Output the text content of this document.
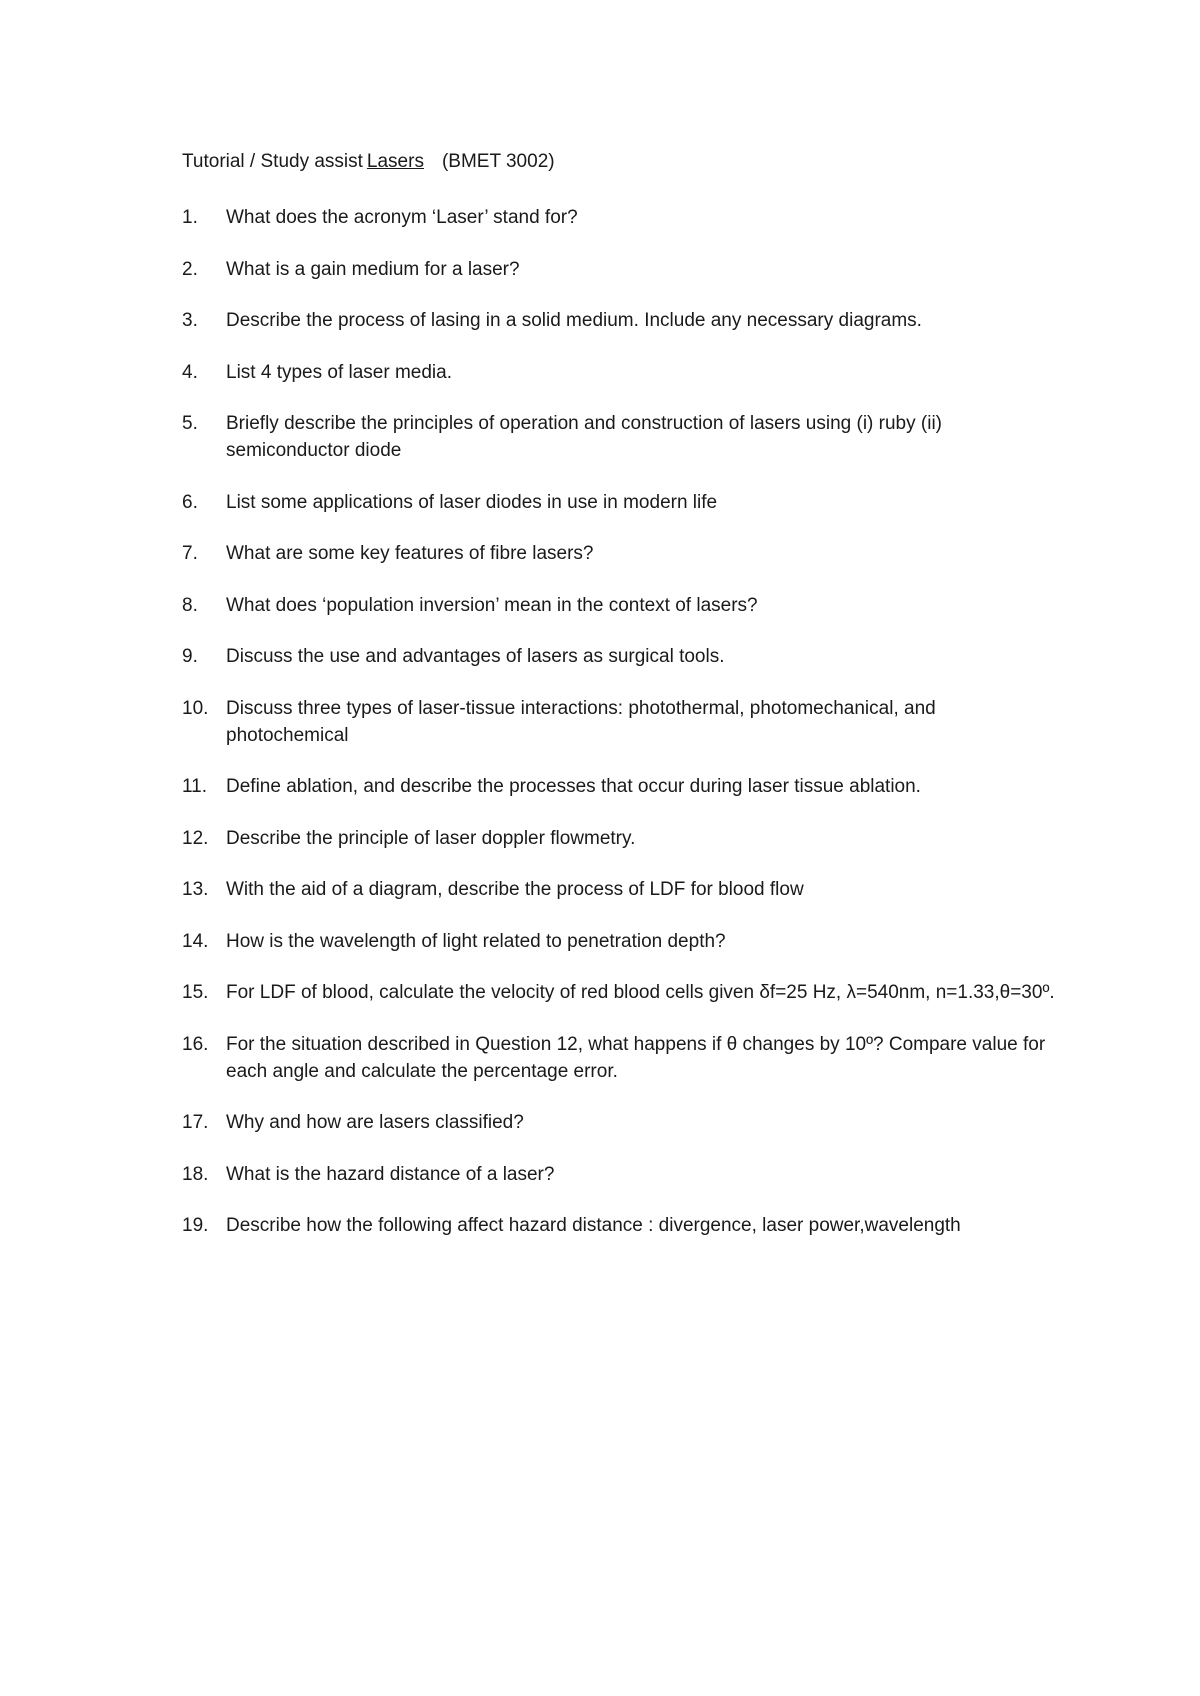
Tutorial / Study assist Lasers (BMET 3002)
1. What does the acronym ‘Laser’ stand for?
2. What is a gain medium for a laser?
3. Describe the process of lasing in a solid medium. Include any necessary diagrams.
4. List 4 types of laser media.
5. Briefly describe the principles of operation and construction of lasers using (i) ruby (ii) semiconductor diode
6. List some applications of laser diodes in use in modern life
7. What are some key features of fibre lasers?
8. What does ‘population inversion’ mean in the context of lasers?
9. Discuss the use and advantages of lasers as surgical tools.
10. Discuss three types of laser-tissue interactions: photothermal, photomechanical, and photochemical
11. Define ablation, and describe the processes that occur during laser tissue ablation.
12. Describe the principle of laser doppler flowmetry.
13. With the aid of a diagram, describe the process of LDF for blood flow
14. How is the wavelength of light related to penetration depth?
15. For LDF of blood, calculate the velocity of red blood cells given δf=25 Hz, λ=540nm, n=1.33,θ=30º.
16. For the situation described in Question 12, what happens if θ changes by 10º? Compare value for each angle and calculate the percentage error.
17. Why and how are lasers classified?
18. What is the hazard distance of a laser?
19. Describe how the following affect hazard distance : divergence, laser power,wavelength
